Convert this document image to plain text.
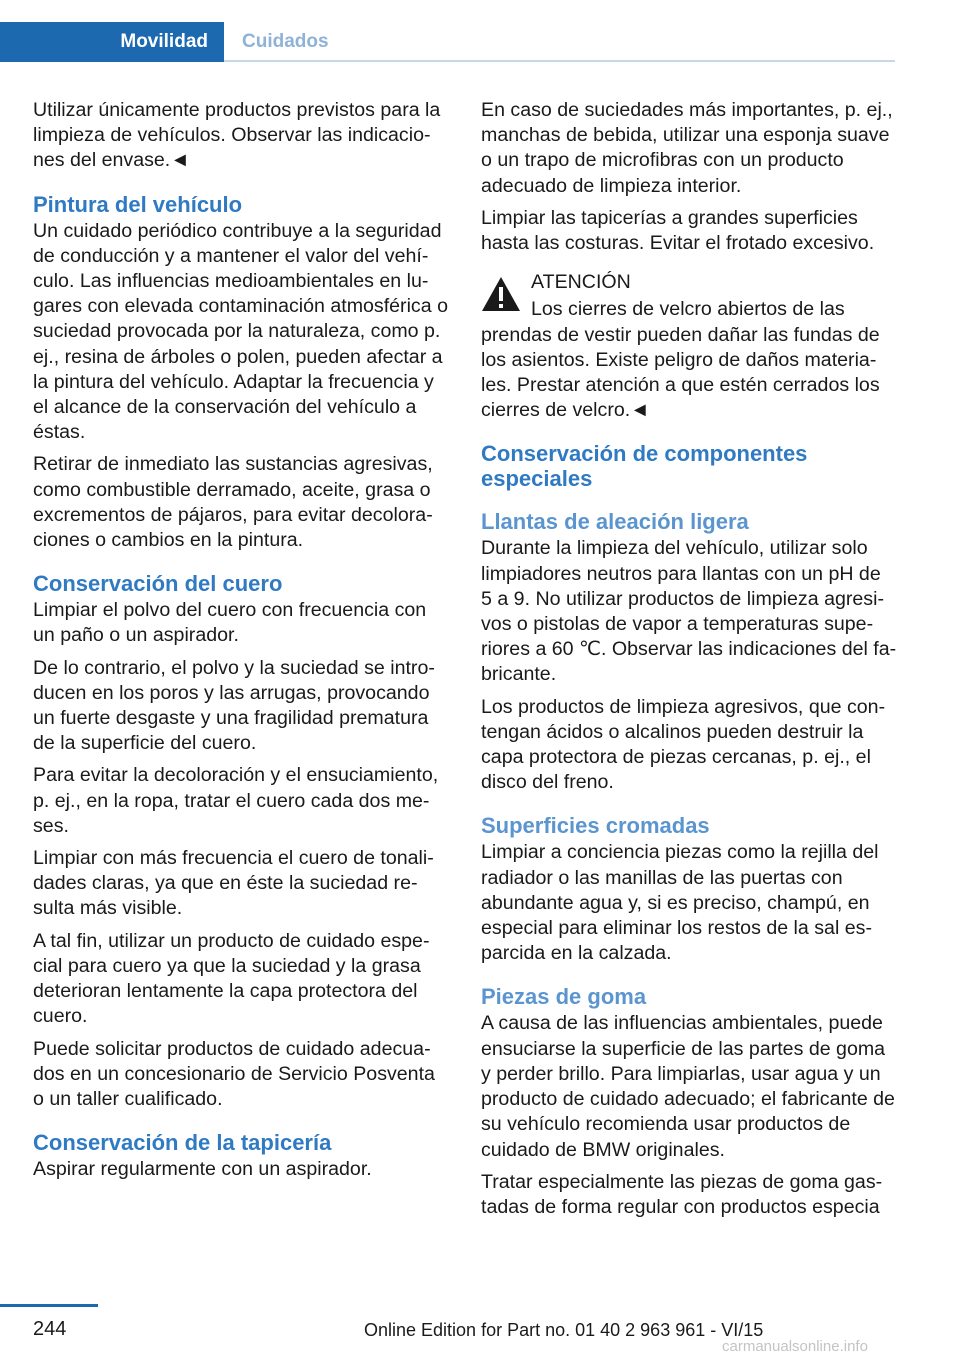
Movilidad	Cuidados

Utilizar únicamente productos previstos para la limpieza de vehículos. Observar las indicaciones del envase.◄

Pintura del vehículo

Un cuidado periódico contribuye a la seguridad de conducción y a mantener el valor del vehículo. Las influencias medioambientales en lugares con elevada contaminación atmosférica o suciedad provocada por la naturaleza, como p. ej., resina de árboles o polen, pueden afectar a la pintura del vehículo. Adaptar la frecuencia y el alcance de la conservación del vehículo a éstas.

Retirar de inmediato las sustancias agresivas, como combustible derramado, aceite, grasa o excrementos de pájaros, para evitar decoloraciones o cambios en la pintura.

Conservación del cuero

Limpiar el polvo del cuero con frecuencia con un paño o un aspirador.

De lo contrario, el polvo y la suciedad se introducen en los poros y las arrugas, provocando un fuerte desgaste y una fragilidad prematura de la superficie del cuero.

Para evitar la decoloración y el ensuciamiento, p. ej., en la ropa, tratar el cuero cada dos meses.

Limpiar con más frecuencia el cuero de tonalidades claras, ya que en éste la suciedad resulta más visible.

A tal fin, utilizar un producto de cuidado especial para cuero ya que la suciedad y la grasa deterioran lentamente la capa protectora del cuero.

Puede solicitar productos de cuidado adecuados en un concesionario de Servicio Posventa o un taller cualificado.

Conservación de la tapicería

Aspirar regularmente con un aspirador.

En caso de suciedades más importantes, p. ej., manchas de bebida, utilizar una esponja suave o un trapo de microfibras con un producto adecuado de limpieza interior.

Limpiar las tapicerías a grandes superficies hasta las costuras. Evitar el frotado excesivo.

ATENCIÓN
Los cierres de velcro abiertos de las prendas de vestir pueden dañar las fundas de los asientos. Existe peligro de daños materiales. Prestar atención a que estén cerrados los cierres de velcro.◄
Conservación de componentes especiales
Llantas de aleación ligera

Durante la limpieza del vehículo, utilizar solo limpiadores neutros para llantas con un pH de 5 a 9. No utilizar productos de limpieza agresivos o pistolas de vapor a temperaturas superiores a 60 ℃. Observar las indicaciones del fabricante.

Los productos de limpieza agresivos, que contengan ácidos o alcalinos pueden destruir la capa protectora de piezas cercanas, p. ej., el disco del freno.

Superficies cromadas

Limpiar a conciencia piezas como la rejilla del radiador o las manillas de las puertas con abundante agua y, si es preciso, champú, en especial para eliminar los restos de la sal esparcida en la calzada.

Piezas de goma

A causa de las influencias ambientales, puede ensuciarse la superficie de las partes de goma y perder brillo. Para limpiarlas, usar agua y un producto de cuidado adecuado; el fabricante de su vehículo recomienda usar productos de cuidado de BMW originales.

Tratar especialmente las piezas de goma gastadas de forma regular con productos especia

244	Online Edition for Part no. 01 40 2 963 961 - VI/15
carmanualsonline.info
